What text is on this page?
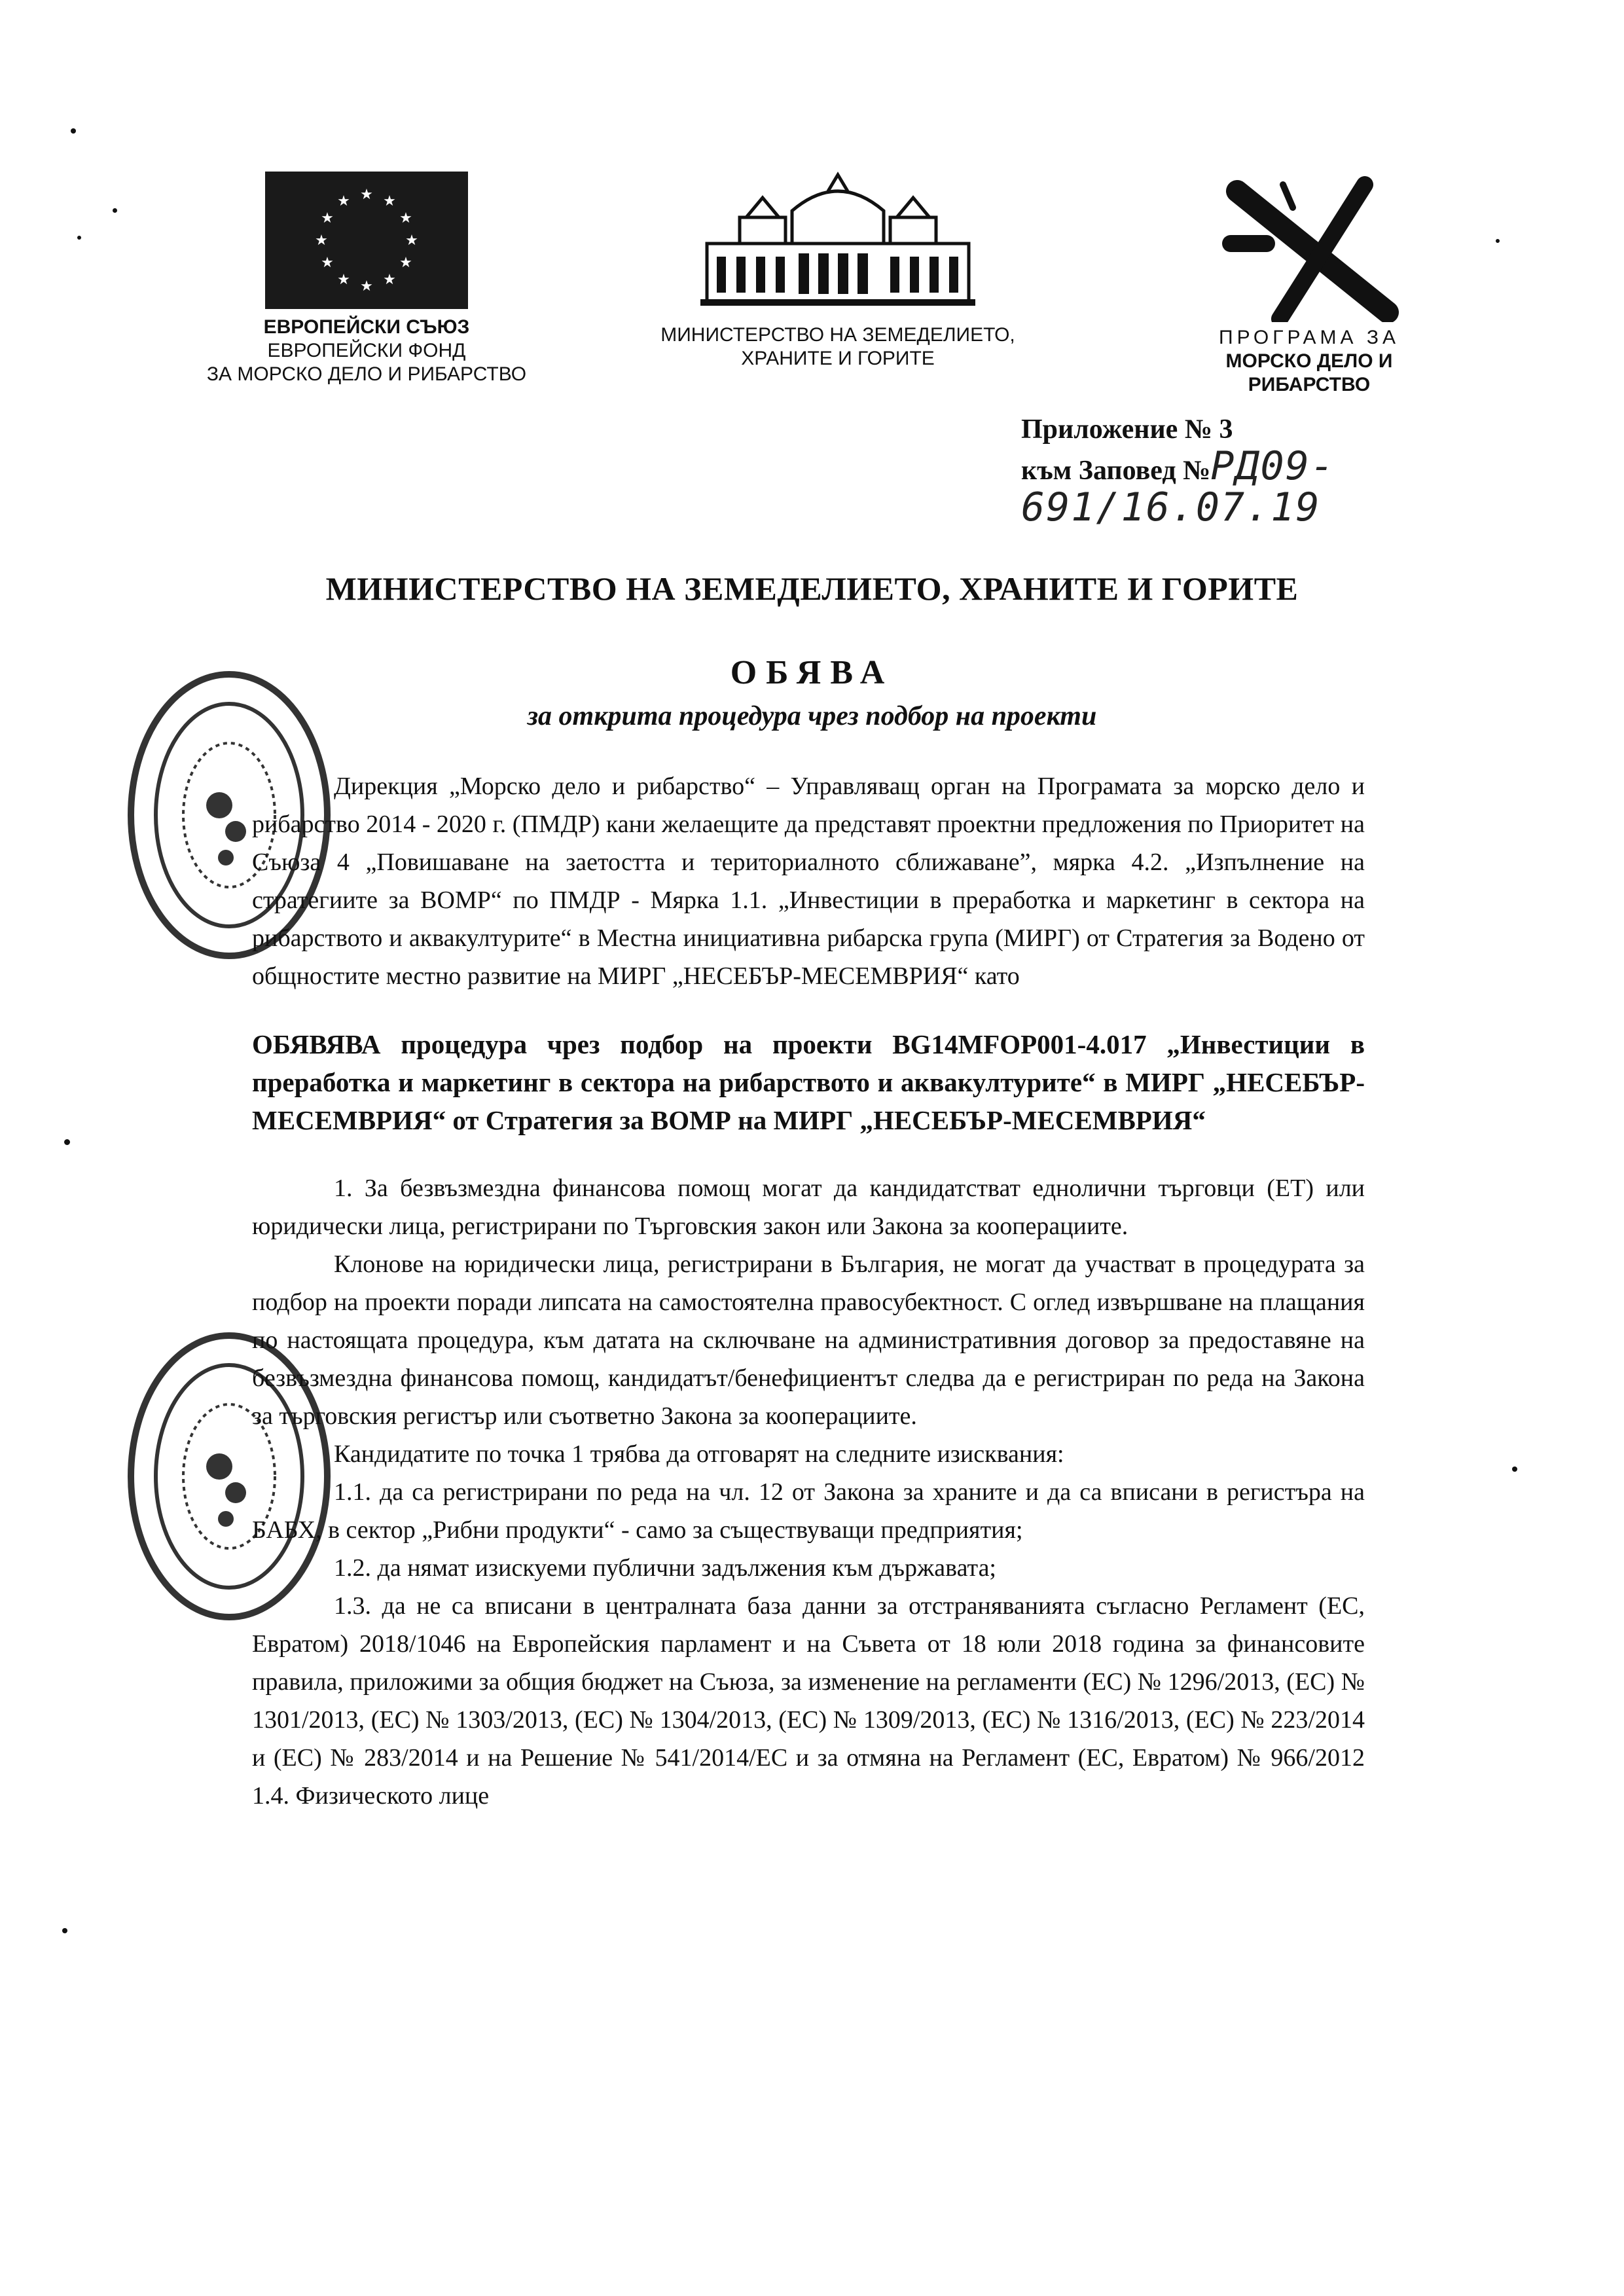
★ ★
★
★
★
★
★
★
★
★
★
★
ЕВРОПЕЙСКИ СЪЮЗ
ЕВРОПЕЙСКИ ФОНД
ЗА МОРСКО ДЕЛО И РИБАРСТВО
МИНИСТЕРСТВО НА ЗЕМЕДЕЛИЕТО,
ХРАНИТЕ И ГОРИТЕ
ПРОГРАМА ЗА
МОРСКО ДЕЛО И
РИБАРСТВО
Приложение № 3
към Заповед №РД09-691/16.07.19
МИНИСТЕРСТВО НА ЗЕМЕДЕЛИЕТО, ХРАНИТЕ И ГОРИТЕ
ОБЯВА
за открита процедура чрез подбор на проекти

Дирекция „Морско дело и рибарство“ – Управляващ орган на Програмата за морско дело и рибарство 2014 - 2020 г. (ПМДР) кани желаещите да представят проектни предложения по Приоритет на Съюза 4 „Повишаване на заетостта и териториалното сближаване”, мярка 4.2. „Изпълнение на стратегиите за ВОМР“ по ПМДР - Мярка 1.1. „Инвестиции в преработка и маркетинг в сектора на рибарството и аквакултурите“ в Местна инициативна рибарска група (МИРГ) от Стратегия за Водено от общностите местно развитие на МИРГ „НЕСЕБЪР-МЕСЕМВРИЯ“ като

ОБЯВЯВА процедура чрез подбор на проекти BG14MFOP001-4.017 „Инвестиции в преработка и маркетинг в сектора на рибарството и аквакултурите“ в МИРГ „НЕСЕБЪР-МЕСЕМВРИЯ“ от Стратегия за ВОМР на МИРГ „НЕСЕБЪР-МЕСЕМВРИЯ“

1. За безвъзмездна финансова помощ могат да кандидатстват еднолични търговци (ЕТ) или юридически лица, регистрирани по Търговския закон или Закона за кооперациите.

Клонове на юридически лица, регистрирани в България, не могат да участват в процедурата за подбор на проекти поради липсата на самостоятелна правосубектност. С оглед извършване на плащания по настоящата процедура, към датата на сключване на административния договор за предоставяне на безвъзмездна финансова помощ, кандидатът/бенефициентът следва да е регистриран по реда на Закона за търговския регистър или съответно Закона за кооперациите.

Кандидатите по точка 1 трябва да отговарят на следните изисквания:

1.1. да са регистрирани по реда на чл. 12 от Закона за храните и да са вписани в регистъра на БАБХ, в сектор „Рибни продукти“ - само за съществуващи предприятия;

1.2. да нямат изискуеми публични задължения към държавата;

1.3. да не са вписани в централната база данни за отстраняванията съгласно Регламент (ЕС, Евратом) 2018/1046 на Европейския парламент и на Съвета от 18 юли 2018 година за финансовите правила, приложими за общия бюджет на Съюза, за изменение на регламенти (ЕС) № 1296/2013, (ЕС) № 1301/2013, (ЕС) № 1303/2013, (ЕС) № 1304/2013, (ЕС) № 1309/2013, (ЕС) № 1316/2013, (ЕС) № 223/2014 и (ЕС) № 283/2014 и на Решение № 541/2014/ЕС и за отмяна на Регламент (ЕС, Евратом) № 966/2012 1.4. Физическото лице
